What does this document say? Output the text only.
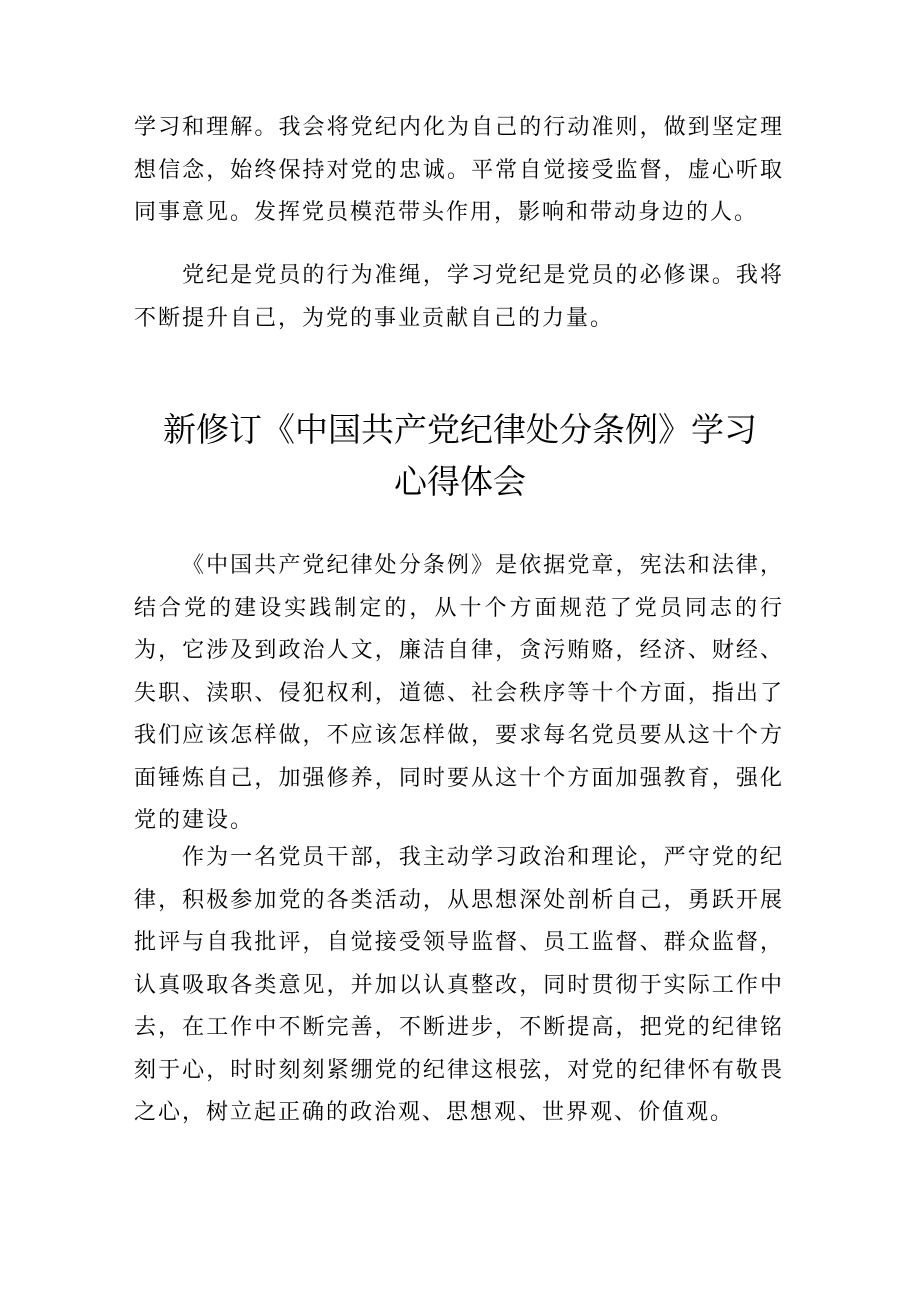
学习和理解。我会将党纪内化为自己的行动准则，做到坚定理想信念，始终保持对党的忠诚。平常自觉接受监督，虚心听取同事意见。发挥党员模范带头作用，影响和带动身边的人。

党纪是党员的行为准绳，学习党纪是党员的必修课。我将不断提升自己，为党的事业贡献自己的力量。

新修订《中国共产党纪律处分条例》学习
心得体会

《中国共产党纪律处分条例》是依据党章，宪法和法律，结合党的建设实践制定的，从十个方面规范了党员同志的行为，它涉及到政治人文，廉洁自律，贪污贿赂，经济、财经、失职、渎职、侵犯权利，道德、社会秩序等十个方面，指出了我们应该怎样做，不应该怎样做，要求每名党员要从这十个方面锤炼自己，加强修养，同时要从这十个方面加强教育，强化党的建设。

作为一名党员干部，我主动学习政治和理论，严守党的纪律，积极参加党的各类活动，从思想深处剖析自己，勇跃开展批评与自我批评，自觉接受领导监督、员工监督、群众监督，认真吸取各类意见，并加以认真整改，同时贯彻于实际工作中去，在工作中不断完善，不断进步，不断提高，把党的纪律铭刻于心，时时刻刻紧绷党的纪律这根弦，对党的纪律怀有敬畏之心，树立起正确的政治观、思想观、世界观、价值观。
